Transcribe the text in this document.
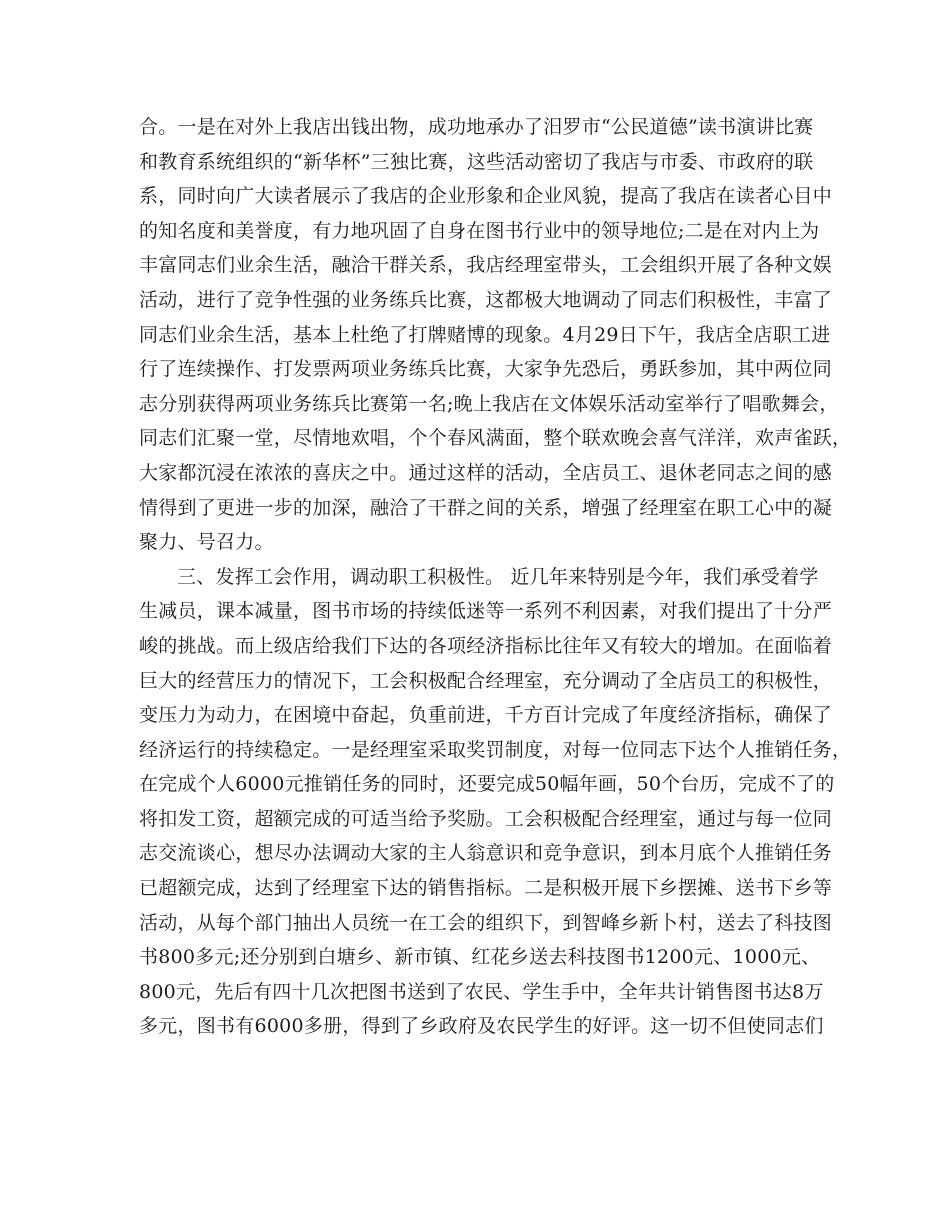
合。一是在对外上我店出钱出物，成功地承办了汨罗市“公民道德”读书演讲比赛
和教育系统组织的“新华杯”三独比赛，这些活动密切了我店与市委、市政府的联
系，同时向广大读者展示了我店的企业形象和企业风貌，提高了我店在读者心目中
的知名度和美誉度，有力地巩固了自身在图书行业中的领导地位;二是在对内上为
丰富同志们业余生活，融洽干群关系，我店经理室带头，工会组织开展了各种文娱
活动，进行了竞争性强的业务练兵比赛，这都极大地调动了同志们积极性，丰富了
同志们业余生活，基本上杜绝了打牌赌博的现象。4月29日下午，我店全店职工进
行了连续操作、打发票两项业务练兵比赛，大家争先恐后，勇跃参加，其中两位同
志分别获得两项业务练兵比赛第一名;晚上我店在文体娱乐活动室举行了唱歌舞会，
同志们汇聚一堂，尽情地欢唱，个个春风满面，整个联欢晚会喜气洋洋，欢声雀跃，
大家都沉浸在浓浓的喜庆之中。通过这样的活动，全店员工、退休老同志之间的感
情得到了更进一步的加深，融洽了干群之间的关系，增强了经理室在职工心中的凝
聚力、号召力。

三、发挥工会作用，调动职工积极性。 近几年来特别是今年，我们承受着学
生减员，课本减量，图书市场的持续低迷等一系列不利因素，对我们提出了十分严
峻的挑战。而上级店给我们下达的各项经济指标比往年又有较大的增加。在面临着
巨大的经营压力的情况下，工会积极配合经理室，充分调动了全店员工的积极性，
变压力为动力，在困境中奋起，负重前进，千方百计完成了年度经济指标，确保了
经济运行的持续稳定。一是经理室采取奖罚制度，对每一位同志下达个人推销任务，
在完成个人6000元推销任务的同时，还要完成50幅年画，50个台历，完成不了的
将扣发工资，超额完成的可适当给予奖励。工会积极配合经理室，通过与每一位同
志交流谈心，想尽办法调动大家的主人翁意识和竞争意识，到本月底个人推销任务
已超额完成，达到了经理室下达的销售指标。二是积极开展下乡摆摊、送书下乡等
活动，从每个部门抽出人员统一在工会的组织下，到智峰乡新卜村，送去了科技图
书800多元;还分别到白塘乡、新市镇、红花乡送去科技图书1200元、1000元、
800元，先后有四十几次把图书送到了农民、学生手中，全年共计销售图书达8万
多元，图书有6000多册，得到了乡政府及农民学生的好评。这一切不但使同志们
